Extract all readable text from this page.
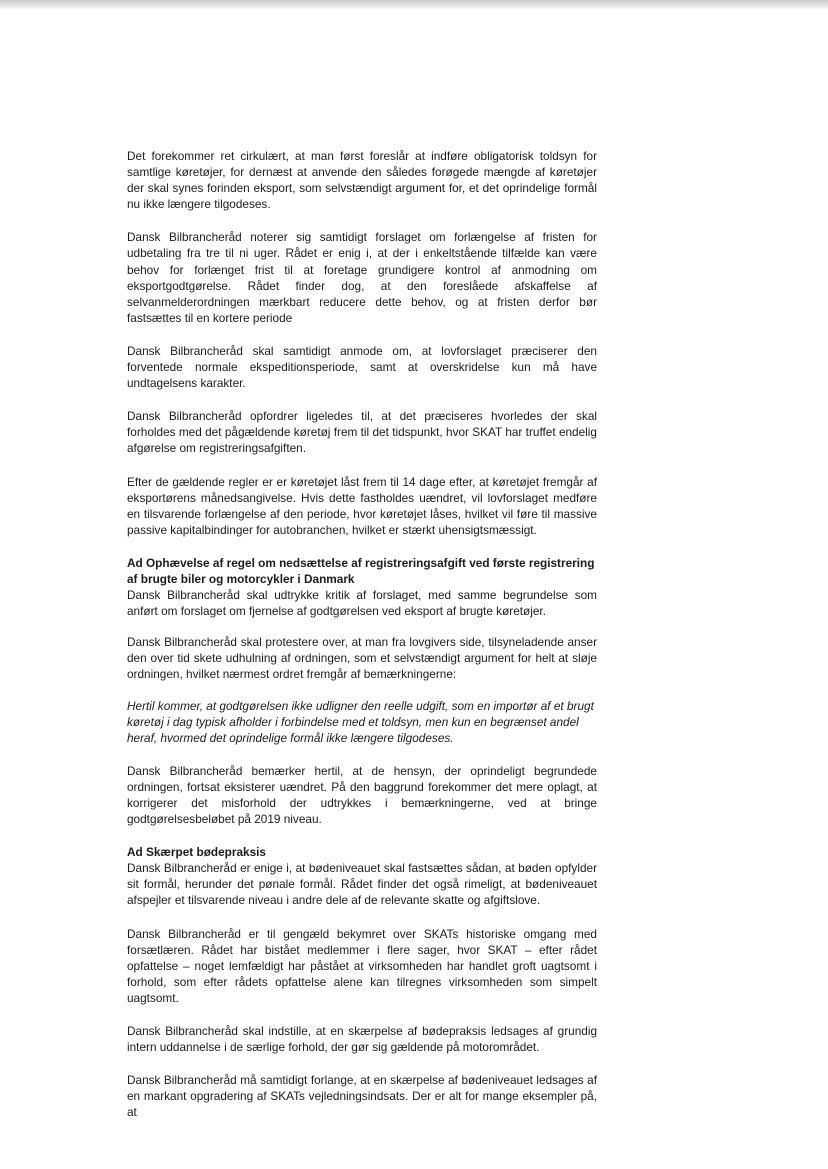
Det forekommer ret cirkulært, at man først foreslår at indføre obligatorisk toldsyn for samtlige køretøjer, for dernæst at anvende den således forøgede mængde af køretøjer der skal synes forinden eksport, som selvstændigt argument for, et det oprindelige formål nu ikke længere tilgodeses.

Dansk Bilbrancheråd noterer sig samtidigt forslaget om forlængelse af fristen for udbetaling fra tre til ni uger. Rådet er enig i, at der i enkeltstående tilfælde kan være behov for forlænget frist til at foretage grundigere kontrol af anmodning om eksportgodtgørelse. Rådet finder dog, at den foreslåede afskaffelse af selvanmelderordningen mærkbart reducere dette behov, og at fristen derfor bør fastsættes til en kortere periode

Dansk Bilbrancheråd skal samtidigt anmode om, at lovforslaget præciserer den forventede normale ekspeditionsperiode, samt at overskridelse kun må have undtagelsens karakter.

Dansk Bilbrancheråd opfordrer ligeledes til, at det præciseres hvorledes der skal forholdes med det pågældende køretøj frem til det tidspunkt, hvor SKAT har truffet endelig afgørelse om registreringsafgiften.

Efter de gældende regler er er køretøjet låst frem til 14 dage efter, at køretøjet fremgår af eksportørens månedsangivelse. Hvis dette fastholdes uændret, vil lovforslaget medføre en tilsvarende forlængelse af den periode, hvor køretøjet låses, hvilket vil føre til massive passive kapitalbindinger for autobranchen, hvilket er stærkt uhensigtsmæssigt.

Ad Ophævelse af regel om nedsættelse af registreringsafgift ved første registrering af brugte biler og motorcykler i Danmark

Dansk Bilbrancheråd skal udtrykke kritik af forslaget, med samme begrundelse som anført om forslaget om fjernelse af godtgørelsen ved eksport af brugte køretøjer.

Dansk Bilbrancheråd skal protestere over, at man fra lovgivers side, tilsyneladende anser den over tid skete udhulning af ordningen, som et selvstændigt argument for helt at sløje ordningen, hvilket nærmest ordret fremgår af bemærkningerne:

Hertil kommer, at godtgørelsen ikke udligner den reelle udgift, som en importør af et brugt køretøj i dag typisk afholder i forbindelse med et toldsyn, men kun en begrænset andel heraf, hvormed det oprindelige formål ikke længere tilgodeses.

Dansk Bilbrancheråd bemærker hertil, at de hensyn, der oprindeligt begrundede ordningen, fortsat eksisterer uændret. På den baggrund forekommer det mere oplagt, at korrigerer det misforhold der udtrykkes i bemærkningerne, ved at bringe godtgørelsesbeløbet på 2019 niveau.

Ad Skærpet bødepraksis

Dansk Bilbrancheråd er enige i, at bødeniveauet skal fastsættes sådan, at bøden opfylder sit formål, herunder det pønale formål. Rådet finder det også rimeligt, at bødeniveauet afspejler et tilsvarende niveau i andre dele af de relevante skatte og afgiftslove.

Dansk Bilbrancheråd er til gengæld bekymret over SKATs historiske omgang med forsætlæren. Rådet har bistået medlemmer i flere sager, hvor SKAT – efter rådet opfattelse – noget lemfældigt har påstået at virksomheden har handlet groft uagtsomt i forhold, som efter rådets opfattelse alene kan tilregnes virksomheden som simpelt uagtsomt.

Dansk Bilbrancheråd skal indstille, at en skærpelse af bødepraksis ledsages af grundig intern uddannelse i de særlige forhold, der gør sig gældende på motorområdet.

Dansk Bilbrancheråd må samtidigt forlange, at en skærpelse af bødeniveauet ledsages af en markant opgradering af SKATs vejledningsindsats. Der er alt for mange eksempler på, at
